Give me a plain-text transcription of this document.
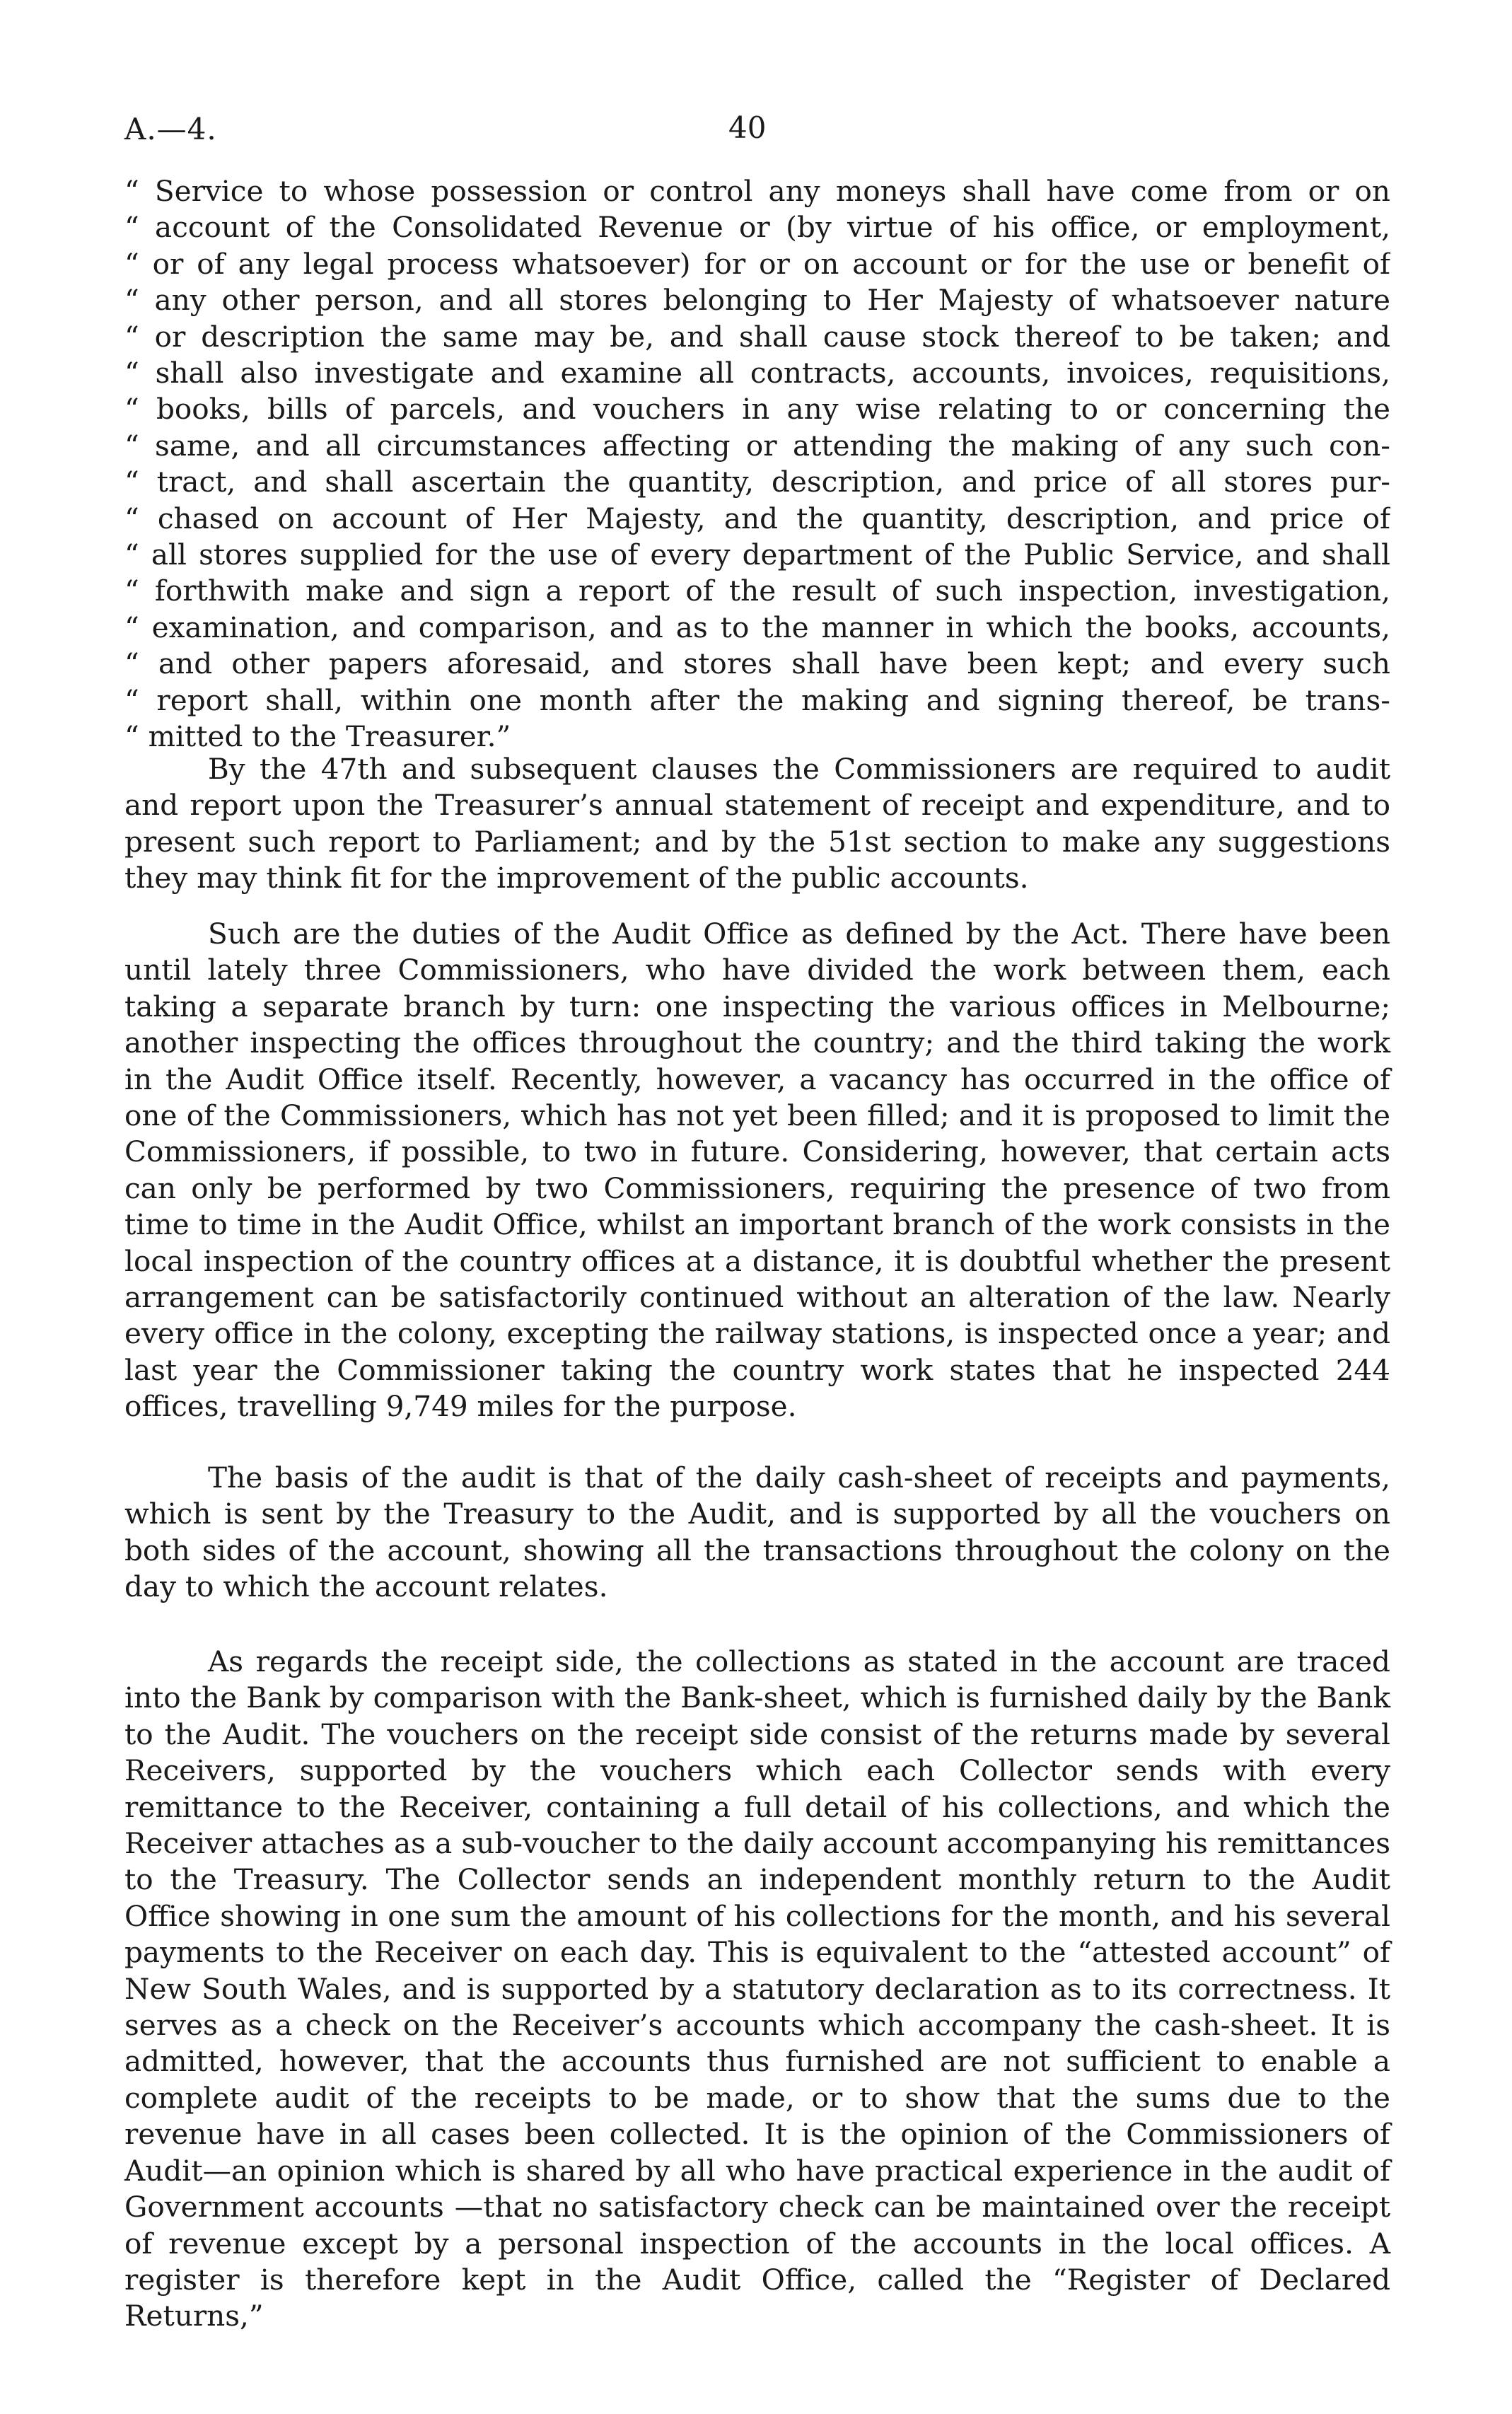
A.—4.	40
“ Service to whose possession or control any moneys shall have come from or on
“ account of the Consolidated Revenue or (by virtue of his office, or employment,
“ or of any legal process whatsoever) for or on account or for the use or benefit of
“ any other person, and all stores belonging to Her Majesty of whatsoever nature
“ or description the same may be, and shall cause stock thereof to be taken; and
“ shall also investigate and examine all contracts, accounts, invoices, requisitions,
“ books, bills of parcels, and vouchers in any wise relating to or concerning the
“ same, and all circumstances affecting or attending the making of any such con-
“ tract, and shall ascertain the quantity, description, and price of all stores pur-
“ chased on account of Her Majesty, and the quantity, description, and price of
“ all stores supplied for the use of every department of the Public Service, and shall
“ forthwith make and sign a report of the result of such inspection, investigation,
“ examination, and comparison, and as to the manner in which the books, accounts,
“ and other papers aforesaid, and stores shall have been kept; and every such
“ report shall, within one month after the making and signing thereof, be trans-
“ mitted to the Treasurer.”

By the 47th and subsequent clauses the Commissioners are required to audit and report upon the Treasurer’s annual statement of receipt and expenditure, and to present such report to Parliament; and by the 51st section to make any suggestions they may think fit for the improvement of the public accounts.

Such are the duties of the Audit Office as defined by the Act. There have been until lately three Commissioners, who have divided the work between them, each taking a separate branch by turn: one inspecting the various offices in Melbourne; another inspecting the offices throughout the country; and the third taking the work in the Audit Office itself. Recently, however, a vacancy has occurred in the office of one of the Commissioners, which has not yet been filled; and it is proposed to limit the Commissioners, if possible, to two in future. Considering, however, that certain acts can only be performed by two Commissioners, requiring the presence of two from time to time in the Audit Office, whilst an important branch of the work consists in the local inspection of the country offices at a distance, it is doubtful whether the present arrangement can be satisfactorily continued without an alteration of the law. Nearly every office in the colony, excepting the railway stations, is inspected once a year; and last year the Commissioner taking the country work states that he inspected 244 offices, travelling 9,749 miles for the purpose.

The basis of the audit is that of the daily cash-sheet of receipts and payments, which is sent by the Treasury to the Audit, and is supported by all the vouchers on both sides of the account, showing all the transactions throughout the colony on the day to which the account relates.

As regards the receipt side, the collections as stated in the account are traced into the Bank by comparison with the Bank-sheet, which is furnished daily by the Bank to the Audit. The vouchers on the receipt side consist of the returns made by several Receivers, supported by the vouchers which each Collector sends with every remittance to the Receiver, containing a full detail of his collections, and which the Receiver attaches as a sub-voucher to the daily account accompanying his remittances to the Treasury. The Collector sends an independent monthly return to the Audit Office showing in one sum the amount of his collections for the month, and his several payments to the Receiver on each day. This is equivalent to the “attested account” of New South Wales, and is supported by a statutory declaration as to its correctness. It serves as a check on the Receiver’s accounts which accompany the cash-sheet. It is admitted, however, that the accounts thus furnished are not sufficient to enable a complete audit of the receipts to be made, or to show that the sums due to the revenue have in all cases been collected. It is the opinion of the Commissioners of Audit—an opinion which is shared by all who have practical experience in the audit of Government accounts —that no satisfactory check can be maintained over the receipt of revenue except by a personal inspection of the accounts in the local offices. A register is therefore kept in the Audit Office, called the “Register of Declared Returns,”
